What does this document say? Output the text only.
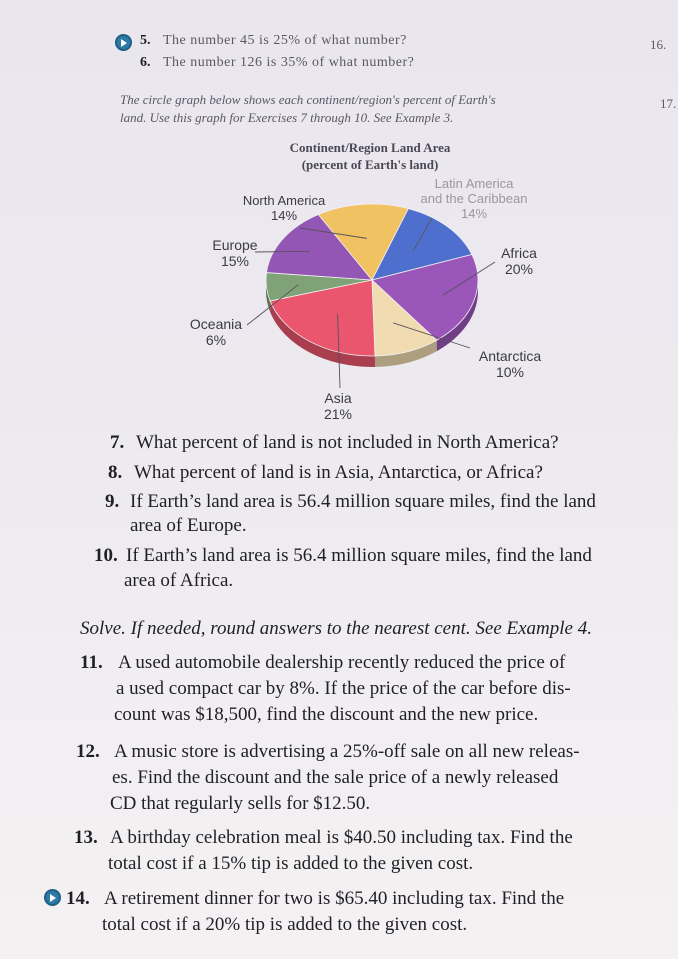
5. The number 45 is 25% of what number?
6. The number 126 is 35% of what number?
16.
17.
The circle graph below shows each continent/region's percent of Earth's
land. Use this graph for Exercises 7 through 10. See Example 3.
Continent/Region Land Area
(percent of Earth's land)
North America
14%
Latin America
and the Caribbean
14%
Europe
15%	Africa
20%
Oceania
6%
Antarctica
10%
Asia
21%
7. What percent of land is not included in North America?
8. What percent of land is in Asia, Antarctica, or Africa?
9. If Earth’s land area is 56.4 million square miles, find the land
area of Europe.
10. If Earth’s land area is 56.4 million square miles, find the land
area of Africa.
Solve. If needed, round answers to the nearest cent. See Example 4.
11. A used automobile dealership recently reduced the price of
a used compact car by 8%. If the price of the car before dis-
count was $18,500, find the discount and the new price.
12. A music store is advertising a 25%-off sale on all new releas-
es. Find the discount and the sale price of a newly released
CD that regularly sells for $12.50.
13. A birthday celebration meal is $40.50 including tax. Find the
total cost if a 15% tip is added to the given cost.
14. A retirement dinner for two is $65.40 including tax. Find the
total cost if a 20% tip is added to the given cost.
